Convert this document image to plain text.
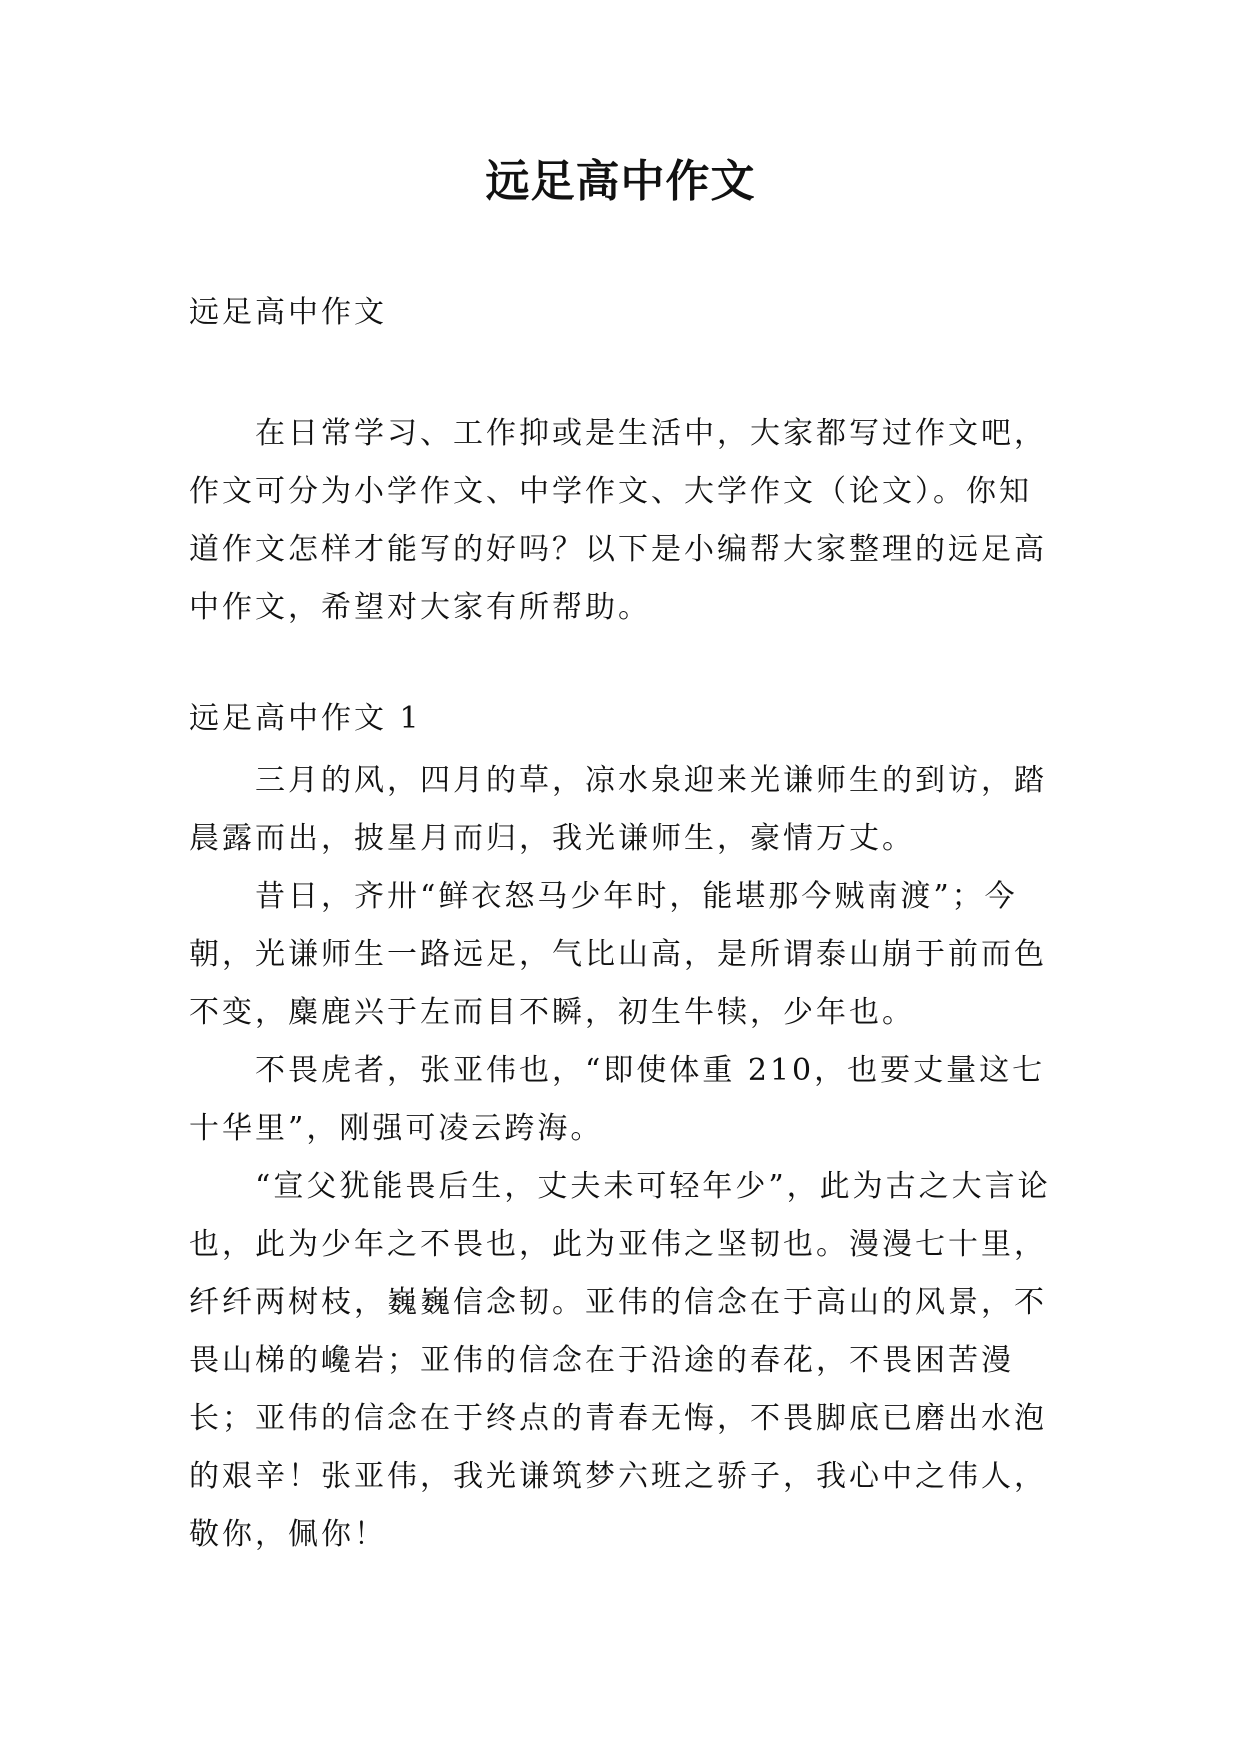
远足高中作文

远足高中作文

在日常学习、工作抑或是生活中，大家都写过作文吧，作文可分为小学作文、中学作文、大学作文（论文）。你知道作文怎样才能写的好吗？以下是小编帮大家整理的远足高中作文，希望对大家有所帮助。

远足高中作文 1

三月的风，四月的草，凉水泉迎来光谦师生的到访，踏晨露而出，披星月而归，我光谦师生，豪情万丈。

昔日，齐卅“鲜衣怒马少年时，能堪那今贼南渡”；今朝，光谦师生一路远足，气比山高，是所谓泰山崩于前而色不变，麋鹿兴于左而目不瞬，初生牛犊，少年也。

不畏虎者，张亚伟也，“即使体重 210，也要丈量这七十华里”，刚强可凌云跨海。

“宣父犹能畏后生，丈夫未可轻年少”，此为古之大言论也，此为少年之不畏也，此为亚伟之坚韧也。漫漫七十里，纤纤两树枝，巍巍信念韧。亚伟的信念在于高山的风景，不畏山梯的巉岩；亚伟的信念在于沿途的春花，不畏困苦漫长；亚伟的信念在于终点的青春无悔，不畏脚底已磨出水泡的艰辛！张亚伟，我光谦筑梦六班之骄子，我心中之伟人，敬你，佩你！
